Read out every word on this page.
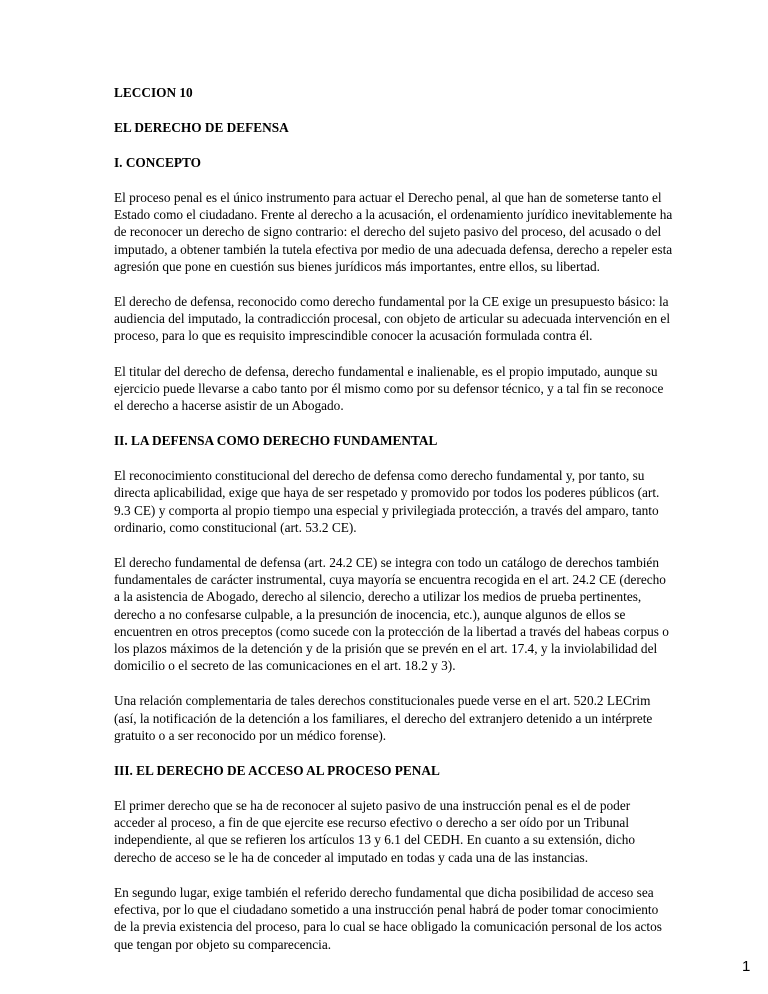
LECCION 10
EL DERECHO DE DEFENSA
I. CONCEPTO

El proceso penal es el único instrumento para actuar el Derecho penal, al que han de someterse tanto el Estado como el ciudadano. Frente al derecho a la acusación, el ordenamiento jurídico inevitablemente ha de reconocer un derecho de signo contrario: el derecho del sujeto pasivo del proceso, del acusado o del imputado, a obtener también la tutela efectiva por medio de una adecuada defensa, derecho a repeler esta agresión que pone en cuestión sus bienes jurídicos más importantes, entre ellos, su libertad.

El derecho de defensa, reconocido como derecho fundamental por la CE exige un presupuesto básico: la audiencia del imputado, la contradicción procesal, con objeto de articular su adecuada intervención en el proceso, para lo que es requisito imprescindible conocer la acusación formulada contra él.

El titular del derecho de defensa, derecho fundamental e inalienable, es el propio imputado, aunque su ejercicio puede llevarse a cabo tanto por él mismo como por su defensor técnico, y a tal fin se reconoce el derecho a hacerse asistir de un Abogado.

II. LA DEFENSA COMO DERECHO FUNDAMENTAL

El reconocimiento constitucional del derecho de defensa como derecho fundamental y, por tanto, su directa aplicabilidad, exige que haya de ser respetado y promovido por todos los poderes públicos (art. 9.3 CE) y comporta al propio tiempo una especial y privilegiada protección, a través del amparo, tanto ordinario, como constitucional (art. 53.2 CE).

El derecho fundamental de defensa (art. 24.2 CE) se integra con todo un catálogo de derechos también fundamentales de carácter instrumental, cuya mayoría se encuentra recogida en el art. 24.2 CE (derecho a la asistencia de Abogado, derecho al silencio, derecho a utilizar los medios de prueba pertinentes, derecho a no confesarse culpable, a la presunción de inocencia, etc.), aunque algunos de ellos se encuentren en otros preceptos (como sucede con la protección de la libertad a través del habeas corpus o los plazos máximos de la detención y de la prisión que se prevén en el art. 17.4, y la inviolabilidad del domicilio o el secreto de las comunicaciones en el art. 18.2 y 3).

Una relación complementaria de tales derechos constitucionales puede verse en el art. 520.2 LECrim (así, la notificación de la detención a los familiares, el derecho del extranjero detenido a un intérprete gratuito o a ser reconocido por un médico forense).

III. EL DERECHO DE ACCESO AL PROCESO PENAL

El primer derecho que se ha de reconocer al sujeto pasivo de una instrucción penal es el de poder acceder al proceso, a fin de que ejercite ese recurso efectivo o derecho a ser oído por un Tribunal independiente, al que se refieren los artículos 13 y 6.1 del CEDH. En cuanto a su extensión, dicho derecho de acceso se le ha de conceder al imputado en todas y cada una de las instancias.

En segundo lugar, exige también el referido derecho fundamental que dicha posibilidad de acceso sea efectiva, por lo que el ciudadano sometido a una instrucción penal habrá de poder tomar conocimiento de la previa existencia del proceso, para lo cual se hace obligado la comunicación personal de los actos que tengan por objeto su comparecencia.

1
